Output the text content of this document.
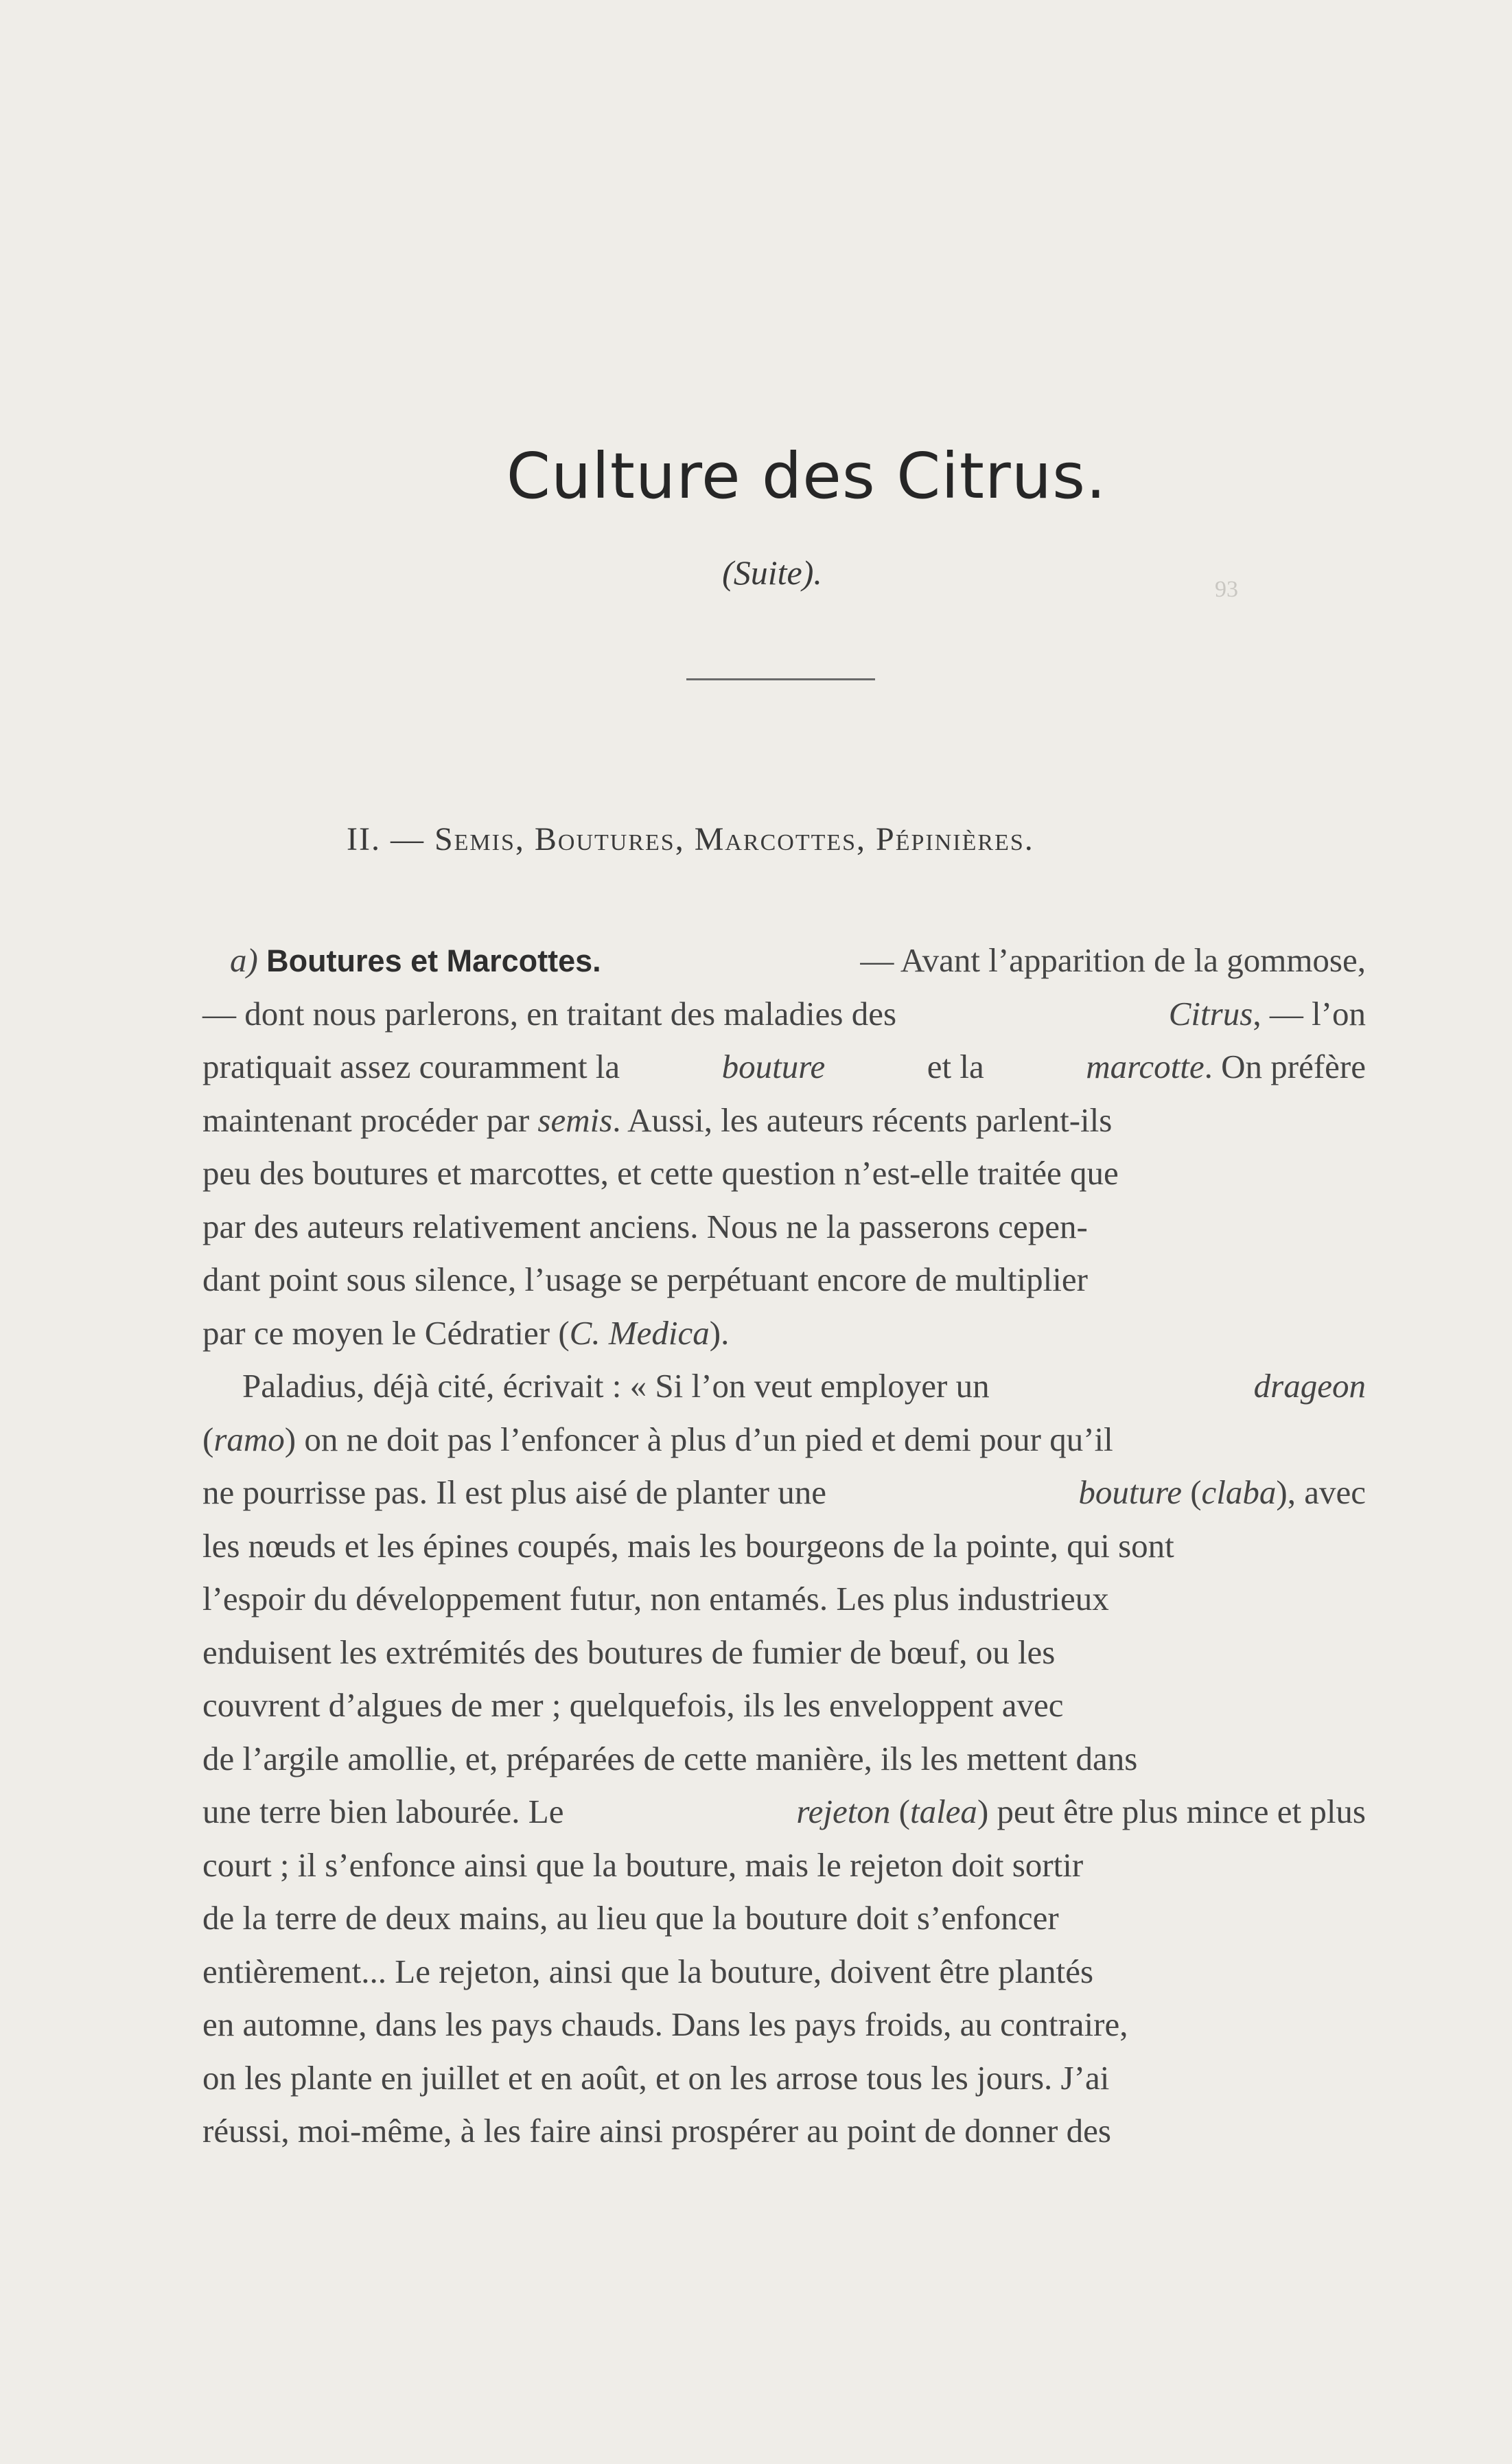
Culture des Citrus.
(Suite).	93
II. — Semis, Boutures, Marcottes, Pépinières.
a) Boutures et Marcottes.	— Avant l’apparition de la gommose,
— dont nous parlerons, en traitant des maladies des	Citrus, — l’on
pratiquait assez couramment la	bouture	et la	marcotte. On préfère
maintenant procéder par semis. Aussi, les auteurs récents parlent-ils
peu des boutures et marcottes, et cette question n’est-elle traitée que
par des auteurs relativement anciens. Nous ne la passerons cepen-
dant point sous silence, l’usage se perpétuant encore de multiplier
par ce moyen le Cédratier (C. Medica).
Paladius, déjà cité, écrivait : « Si l’on veut employer un	drageon
(ramo) on ne doit pas l’enfoncer à plus d’un pied et demi pour qu’il
ne pourrisse pas. Il est plus aisé de planter une	bouture (claba), avec
les nœuds et les épines coupés, mais les bourgeons de la pointe, qui sont
l’espoir du développement futur, non entamés. Les plus industrieux
enduisent les extrémités des boutures de fumier de bœuf, ou les
couvrent d’algues de mer ; quelquefois, ils les enveloppent avec
de l’argile amollie, et, préparées de cette manière, ils les mettent dans
une terre bien labourée. Le	rejeton (talea) peut être plus mince et plus
court ; il s’enfonce ainsi que la bouture, mais le rejeton doit sortir
de la terre de deux mains, au lieu que la bouture doit s’enfoncer
entièrement... Le rejeton, ainsi que la bouture, doivent être plantés
en automne, dans les pays chauds. Dans les pays froids, au contraire,
on les plante en juillet et en août, et on les arrose tous les jours. J’ai
réussi, moi-même, à les faire ainsi prospérer au point de donner des
